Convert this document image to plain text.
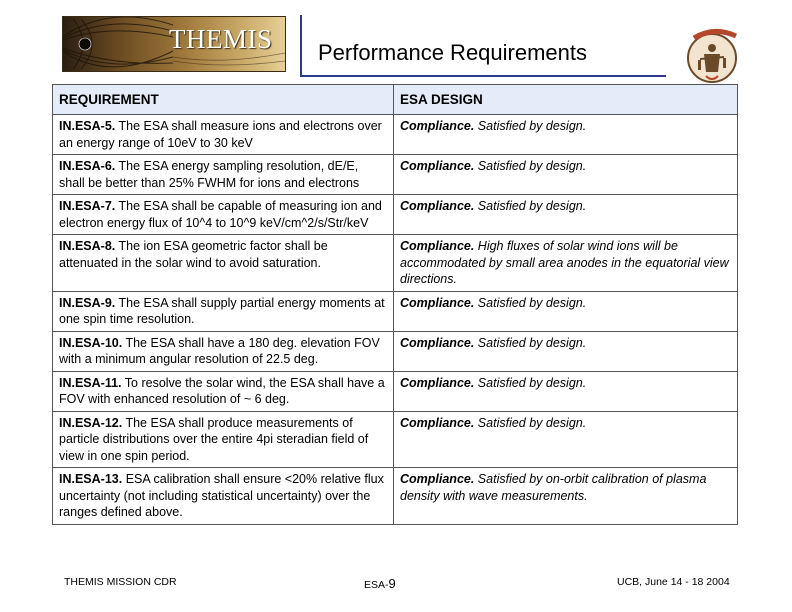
THEMIS Performance Requirements
REQUIREMENT	ESA DESIGN
IN.ESA-5. The ESA shall measure ions and electrons over an energy range of 10eV to 30 keV	Compliance. Satisfied by design.
IN.ESA-6. The ESA energy sampling resolution, dE/E, shall be better than 25% FWHM for ions and electrons	Compliance. Satisfied by design.
IN.ESA-7. The ESA shall be capable of measuring ion and electron energy flux of 10^4 to 10^9 keV/cm^2/s/Str/keV	Compliance. Satisfied by design.
IN.ESA-8. The ion ESA geometric factor shall be attenuated in the solar wind to avoid saturation.	Compliance. High fluxes of solar wind ions will be accommodated by small area anodes in the equatorial view directions.
IN.ESA-9. The ESA shall supply partial energy moments at one spin time resolution.	Compliance. Satisfied by design.
IN.ESA-10. The ESA shall have a 180 deg. elevation FOV with a minimum angular resolution of 22.5 deg.	Compliance. Satisfied by design.
IN.ESA-11. To resolve the solar wind, the ESA shall have a FOV with enhanced resolution of ~ 6 deg.	Compliance. Satisfied by design.
IN.ESA-12. The ESA shall produce measurements of particle distributions over the entire 4pi steradian field of view in one spin period.	Compliance. Satisfied by design.
IN.ESA-13. ESA calibration shall ensure <20% relative flux uncertainty (not including statistical uncertainty) over the ranges defined above.	Compliance. Satisfied by on-orbit calibration of plasma density with wave measurements.
THEMIS MISSION CDR	ESA-9	UCB, June 14 - 18 2004
